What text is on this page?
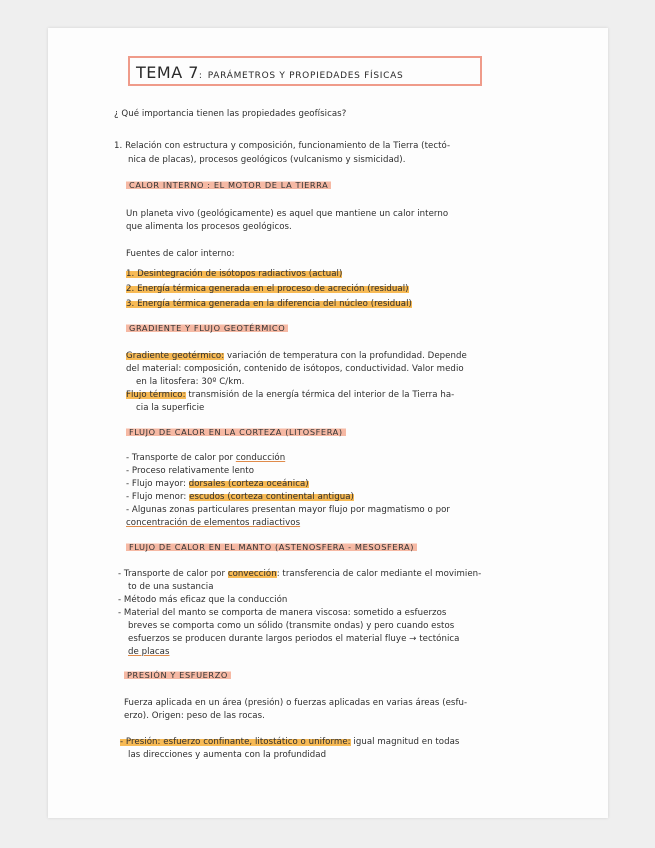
TEMA 7: PARÁMETROS Y PROPIEDADES FÍSICAS
¿ Qué importancia tienen las propiedades geofísicas?
1. Relación con estructura y composición, funcionamiento de la Tierra (tectó-
nica de placas), procesos geológicos (vulcanismo y sismicidad).
CALOR INTERNO : EL MOTOR DE LA TIERRA
Un planeta vivo (geológicamente) es aquel que mantiene un calor interno
que alimenta los procesos geológicos.
Fuentes de calor interno:
1. Desintegración de isótopos radiactivos (actual)
2. Energía térmica generada en el proceso de acreción (residual)
3. Energía térmica generada en la diferencia del núcleo (residual)
GRADIENTE Y FLUJO GEOTÉRMICO
Gradiente geotérmico: variación de temperatura con la profundidad. Depende
del material: composición, contenido de isótopos, conductividad. Valor medio
en la litosfera: 30º C/km.
Flujo térmico: transmisión de la energía térmica del interior de la Tierra ha-
cia la superficie
FLUJO DE CALOR EN LA CORTEZA (LITOSFERA)
- Transporte de calor por conducción
- Proceso relativamente lento
- Flujo mayor: dorsales (corteza oceánica)
- Flujo menor: escudos (corteza continental antigua)
- Algunas zonas particulares presentan mayor flujo por magmatismo o por
concentración de elementos radiactivos
FLUJO DE CALOR EN EL MANTO (ASTENOSFERA - MESOSFERA)
- Transporte de calor por convección: transferencia de calor mediante el movimien-
to de una sustancia
- Método más eficaz que la conducción
- Material del manto se comporta de manera viscosa: sometido a esfuerzos
breves se comporta como un sólido (transmite ondas) y pero cuando estos
esfuerzos se producen durante largos periodos el material fluye → tectónica
de placas
PRESIÓN Y ESFUERZO
Fuerza aplicada en un área (presión) o fuerzas aplicadas en varias áreas (esfu-
erzo). Origen: peso de las rocas.
- Presión: esfuerzo confinante, litostático o uniforme: igual magnitud en todas
las direcciones y aumenta con la profundidad
